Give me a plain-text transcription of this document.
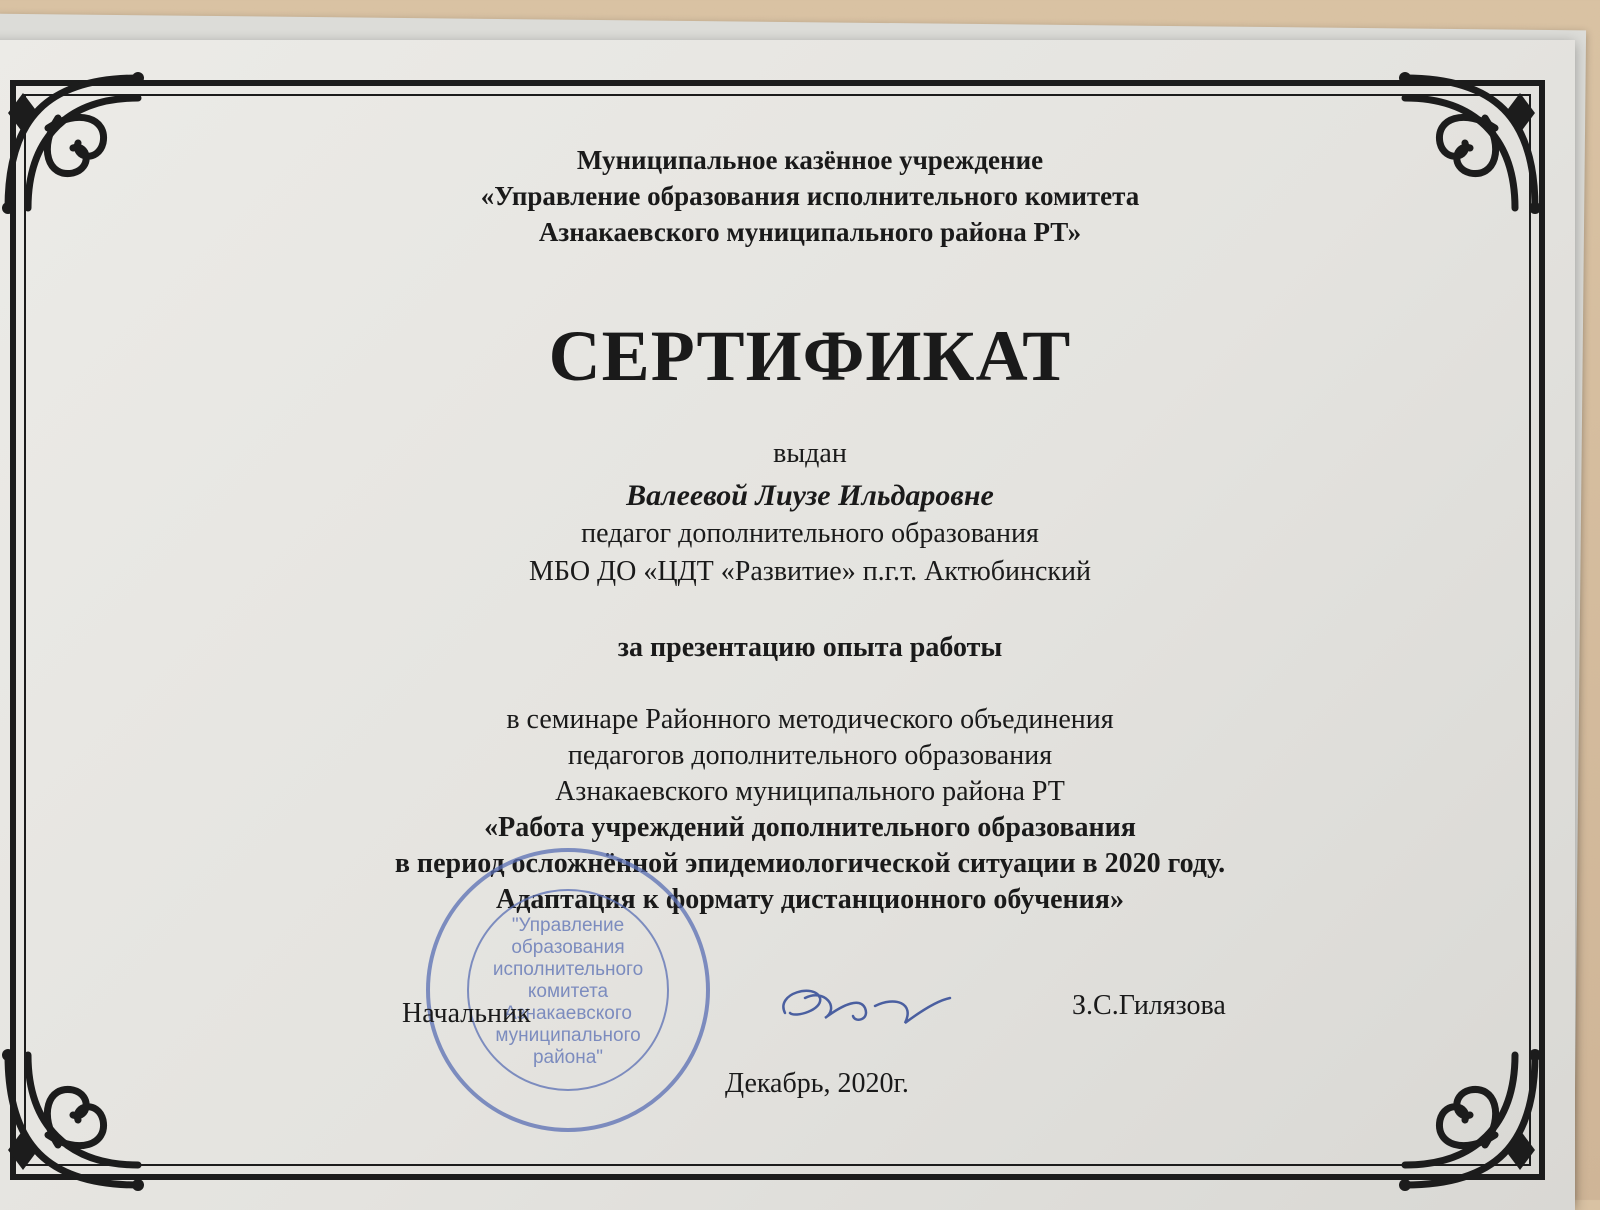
Муниципальное казённое учреждение
«Управление образования исполнительного комитета
Азнакаевского муниципального района РТ»
СЕРТИФИКАТ
выдан
Валеевой Лиузе Ильдаровне
педагог дополнительного образования
МБО ДО «ЦДТ «Развитие» п.г.т. Актюбинский
за презентацию опыта работы
в семинаре Районного методического объединения
педагогов дополнительного образования
Азнакаевского муниципального района РТ
«Работа учреждений дополнительного образования
в период осложнённой эпидемиологической ситуации в 2020 году.
Адаптация к формату дистанционного обучения»
"Управление
образования
исполнительного
комитета
Азнакаевского
муниципального
района"
Начальник	З.С.Гилязова
Декабрь, 2020г.
